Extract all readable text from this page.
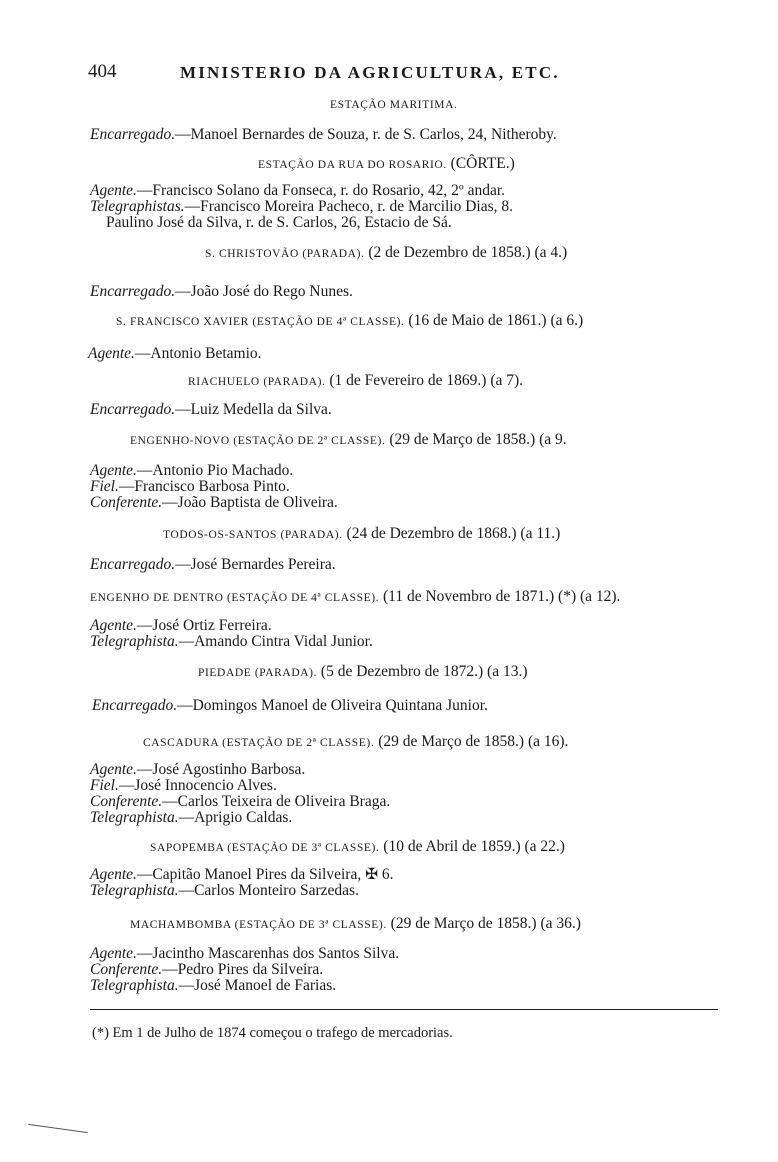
404	MINISTERIO DA AGRICULTURA, ETC.
ESTAÇÃO MARITIMA.
Encarregado.—Manoel Bernardes de Souza, r. de S. Carlos, 24, Nitheroby.
ESTAÇÃO DA RUA DO ROSARIO. (CÔRTE.)
Agente.—Francisco Solano da Fonseca, r. do Rosario, 42, 2º andar.
Telegraphistas.—Francisco Moreira Pacheco, r. de Marcilio Dias, 8.
Paulino José da Silva, r. de S. Carlos, 26, Estacio de Sá.
S. CHRISTOVÃO (PARADA). (2 de Dezembro de 1858.) (a 4.)
Encarregado.—João José do Rego Nunes.
S. FRANCISCO XAVIER (ESTAÇÃO DE 4ª CLASSE). (16 de Maio de 1861.) (a 6.)
Agente.—Antonio Betamio.
RIACHUELO (PARADA). (1 de Fevereiro de 1869.) (a 7).
Encarregado.—Luiz Medella da Silva.
ENGENHO-NOVO (ESTAÇÃO DE 2ª CLASSE). (29 de Março de 1858.) (a 9.
Agente.—Antonio Pio Machado.
Fiel.—Francisco Barbosa Pinto.
Conferente.—João Baptista de Oliveira.
TODOS-OS-SANTOS (PARADA). (24 de Dezembro de 1868.) (a 11.)
Encarregado.—José Bernardes Pereira.
ENGENHO DE DENTRO (ESTAÇÃO DE 4ª CLASSE). (11 de Novembro de 1871.) (*) (a 12).
Agente.—José Ortiz Ferreira.
Telegraphista.—Amando Cintra Vidal Junior.
PIEDADE (PARADA). (5 de Dezembro de 1872.) (a 13.)
Encarregado.—Domingos Manoel de Oliveira Quintana Junior.
CASCADURA (ESTAÇÃO DE 2ª CLASSE). (29 de Março de 1858.) (a 16).
Agente.—José Agostinho Barbosa.
Fiel.—José Innocencio Alves.
Conferente.—Carlos Teixeira de Oliveira Braga.
Telegraphista.—Aprigio Caldas.
SAPOPEMBA (ESTAÇÃO DE 3ª CLASSE). (10 de Abril de 1859.) (a 22.)
Agente.—Capitão Manoel Pires da Silveira, ✠ 6.
Telegraphista.—Carlos Monteiro Sarzedas.
MACHAMBOMBA (ESTAÇÃO DE 3ª CLASSE). (29 de Março de 1858.) (a 36.)
Agente.—Jacintho Mascarenhas dos Santos Silva.
Conferente.—Pedro Pires da Silveira.
Telegraphista.—José Manoel de Farias.
(*) Em 1 de Julho de 1874 começou o trafego de mercadorias.
